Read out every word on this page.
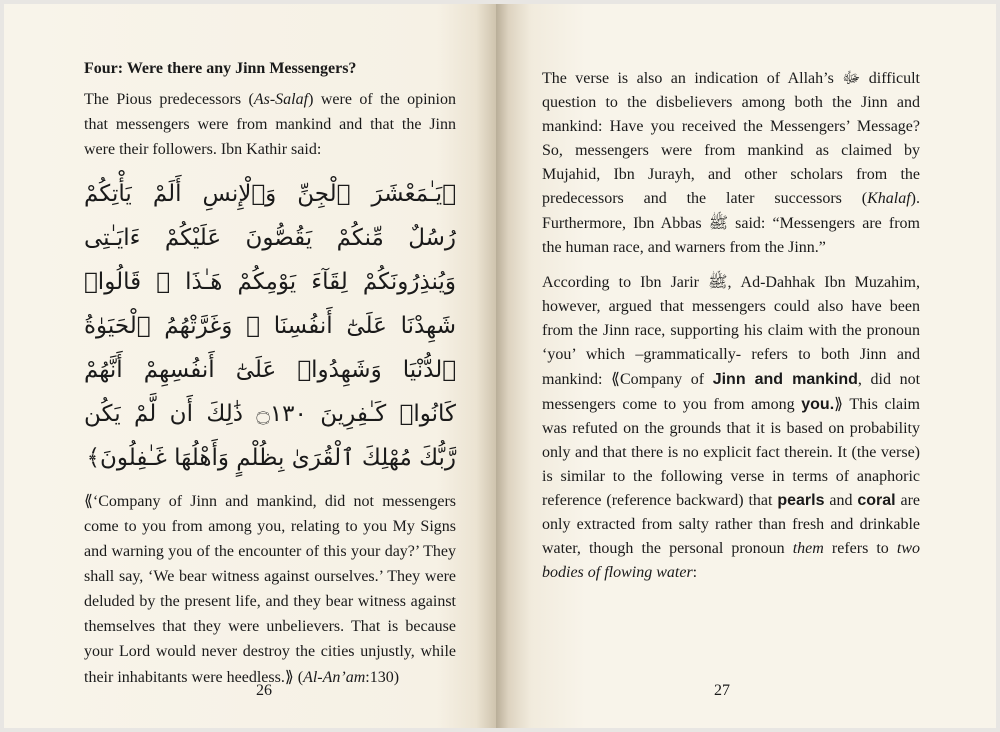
Four: Were there any Jinn Messengers?

The Pious predecessors (As-Salaf) were of the opinion that messengers were from mankind and that the Jinn were their followers. Ibn Kathir said:

﴿يَـٰمَعْشَرَ ٱلْجِنِّ وَٱلْإِنسِ أَلَمْ يَأْتِكُمْ رُسُلٌ مِّنكُمْ يَقُصُّونَ عَلَيْكُمْ ءَايَـٰتِى وَيُنذِرُونَكُمْ لِقَآءَ يَوْمِكُمْ هَـٰذَا ۚ قَالُوا۟ شَهِدْنَا عَلَىٰٓ أَنفُسِنَا ۖ وَغَرَّتْهُمُ ٱلْحَيَوٰةُ ٱلدُّنْيَا وَشَهِدُوا۟ عَلَىٰٓ أَنفُسِهِمْ أَنَّهُمْ كَانُوا۟ كَـٰفِرِينَ ۝١٣٠ ذَٰلِكَ أَن لَّمْ يَكُن رَّبُّكَ مُهْلِكَ ٱلْقُرَىٰ بِظُلْمٍ وَأَهْلُهَا غَـٰفِلُونَ﴾

⟪‘Company of Jinn and mankind, did not messengers come to you from among you, relating to you My Signs and warning you of the encounter of this your day?’ They shall say, ‘We bear witness against ourselves.’ They were deluded by the present life, and they bear witness against themselves that they were unbelievers. That is because your Lord would never destroy the cities unjustly, while their inhabitants were heedless.⟫ (Al-An’am:130)

26

The verse is also an indication of Allah’s ﷻ difficult question to the disbelievers among both the Jinn and mankind: Have you received the Messengers’ Message? So, messengers were from mankind as claimed by Mujahid, Ibn Jurayh, and other scholars from the predecessors and the later successors (Khalaf). Furthermore, Ibn Abbas ﷺ said: “Messengers are from the human race, and warners from the Jinn.”

According to Ibn Jarir ﷺ, Ad-Dahhak Ibn Muzahim, however, argued that messengers could also have been from the Jinn race, supporting his claim with the pronoun ‘you’ which –grammatically- refers to both Jinn and mankind: ⟪Company of Jinn and mankind, did not messengers come to you from among you.⟫ This claim was refuted on the grounds that it is based on probability only and that there is no explicit fact therein. It (the verse) is similar to the following verse in terms of anaphoric reference (reference backward) that pearls and coral are only extracted from salty rather than fresh and drinkable water, though the personal pronoun them refers to two bodies of flowing water:

27
